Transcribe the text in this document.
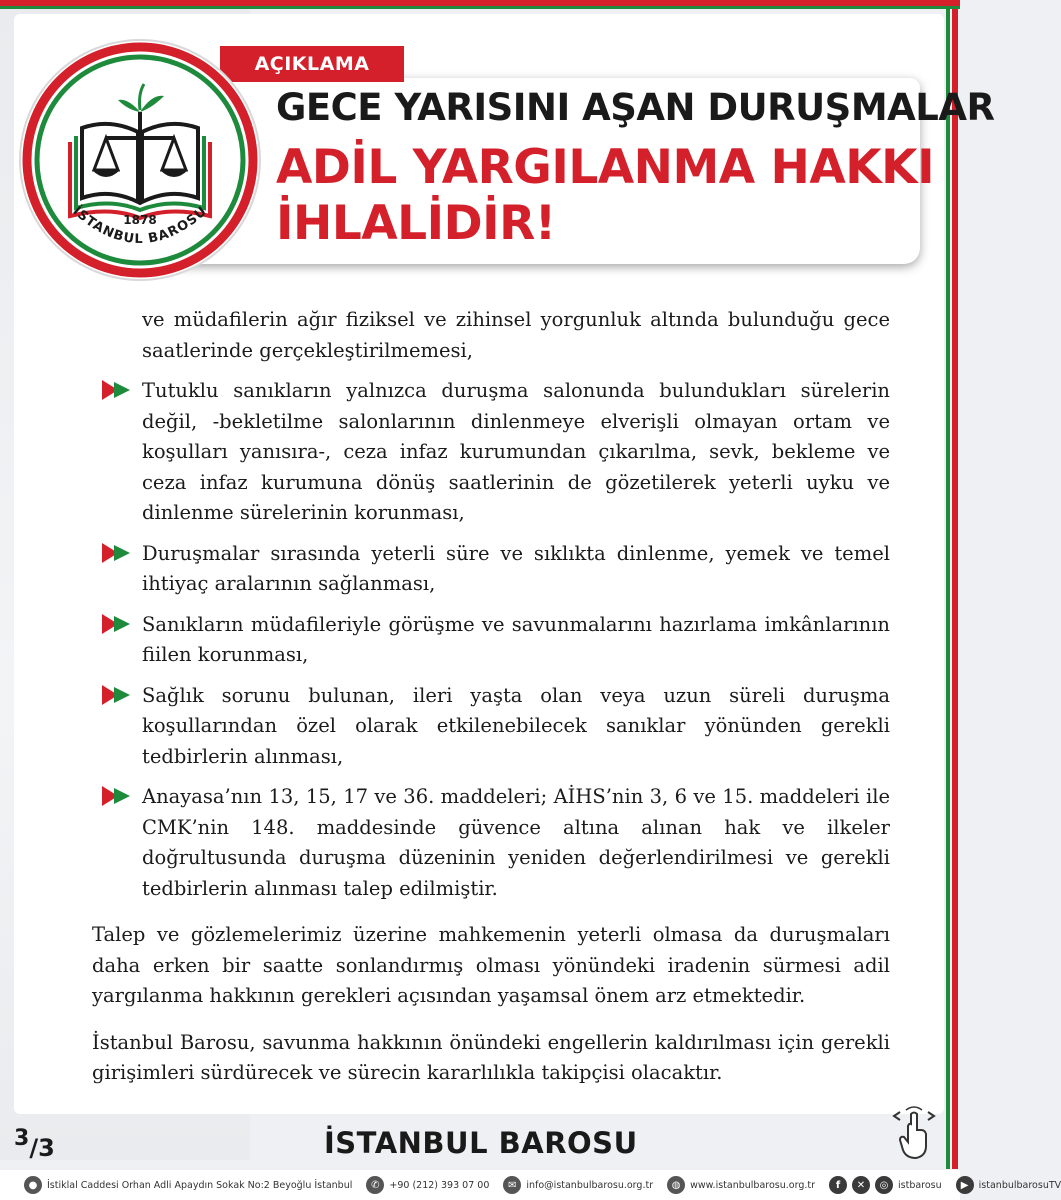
AÇIKLAMA
GECE YARISINI AŞAN DURUŞMALAR
ADİL YARGILANMA HAKKI
İHLALİDİR!
1878
İSTANBUL BAROSU

ve müdafilerin ağır fiziksel ve zihinsel yorgunluk altında bulunduğu gece saatlerinde gerçekleştirilmemesi,

Tutuklu sanıkların yalnızca duruşma salonunda bulundukları sürelerin değil, -bekletilme salonlarının dinlenmeye elverişli olmayan ortam ve koşulları yanısıra-, ceza infaz kurumundan çıkarılma, sevk, bekleme ve ceza infaz kurumuna dönüş saatlerinin de gözetilerek yeterli uyku ve dinlenme sürelerinin korunması,

Duruşmalar sırasında yeterli süre ve sıklıkta dinlenme, yemek ve temel ihtiyaç aralarının sağlanması,

Sanıkların müdafileriyle görüşme ve savunmalarını hazırlama imkânlarının fiilen korunması,

Sağlık sorunu bulunan, ileri yaşta olan veya uzun süreli duruşma koşullarından özel olarak etkilenebilecek sanıklar yönünden gerekli tedbirlerin alınması,

Anayasa’nın 13, 15, 17 ve 36. maddeleri; AİHS’nin 3, 6 ve 15. maddeleri ile CMK’nin 148. maddesinde güvence altına alınan hak ve ilkeler doğrultusunda duruşma düzeninin yeniden değerlendirilmesi ve gerekli tedbirlerin alınması talep edilmiştir.

Talep ve gözlemelerimiz üzerine mahkemenin yeterli olmasa da duruşmaları daha erken bir saatte sonlandırmış olması yönündeki iradenin sürmesi adil yargılanma hakkının gerekleri açısından yaşamsal önem arz etmektedir.

İstanbul Barosu, savunma hakkının önündeki engellerin kaldırılması için gerekli girişimleri sürdürecek ve sürecin kararlılıkla takipçisi olacaktır.

3/3	İSTANBUL BAROSU
●	İstiklal Caddesi Orhan Adli Apaydın Sokak No:2 Beyoğlu İstanbul	✆	+90 (212) 393 07 00	✉	info@istanbulbarosu.org.tr	◍	www.istanbulbarosu.org.tr	f	✕	◎	istbarosu	▶	istanbulbarosuTV
